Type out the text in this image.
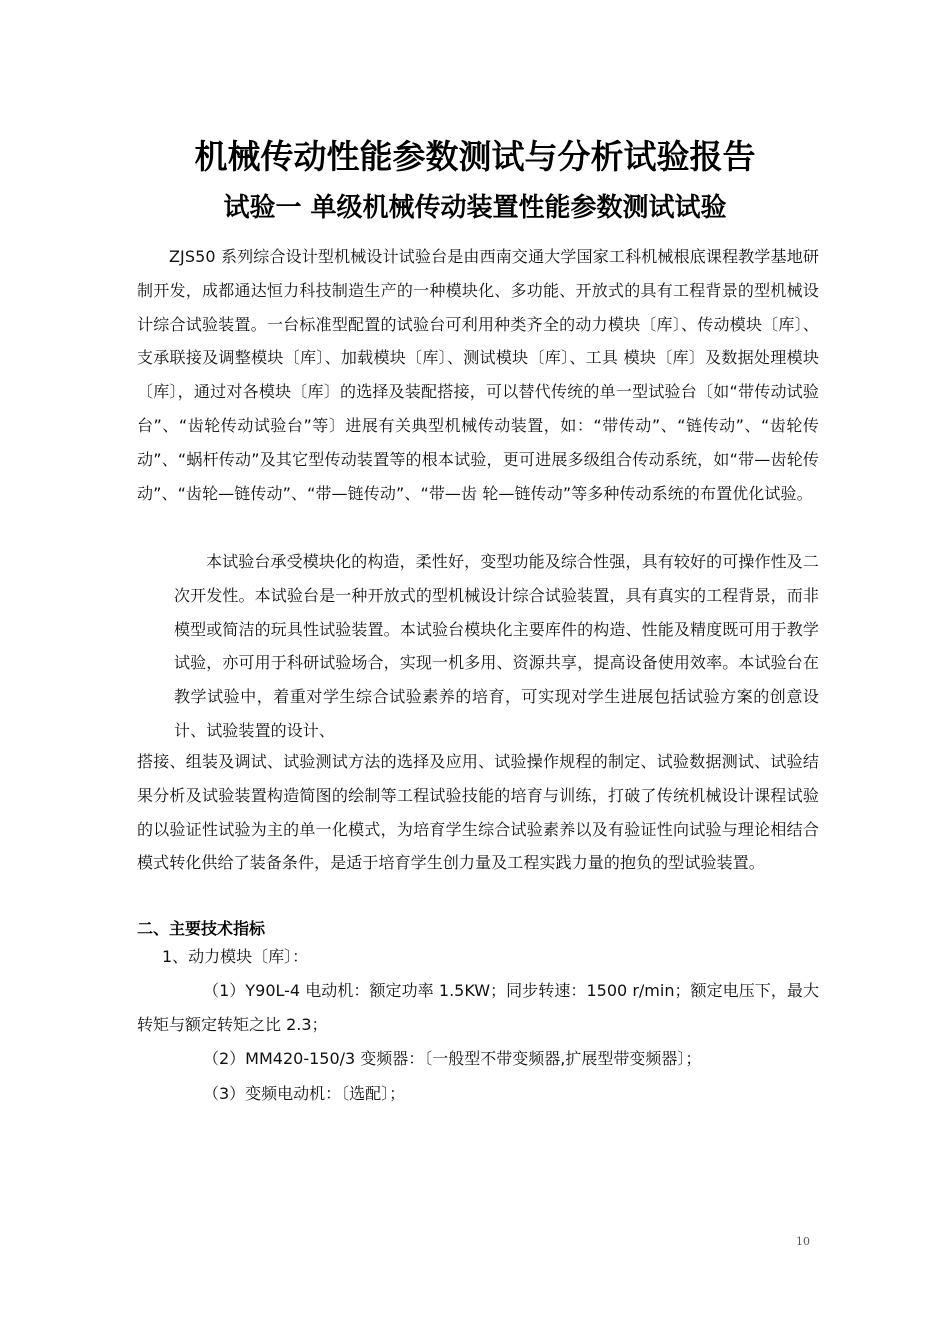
机械传动性能参数测试与分析试验报告
试验一 单级机械传动装置性能参数测试试验
ZJS50 系列综合设计型机械设计试验台是由西南交通大学国家工科机械根底课程教学基地研制开发，成都通达恒力科技制造生产的一种模块化、多功能、开放式的具有工程背景的型机械设计综合试验装置。一台标准型配置的试验台可利用种类齐全的动力模块〔库〕、传动模块〔库〕、支承联接及调整模块〔库〕、加载模块〔库〕、测试模块〔库〕、工具 模块〔库〕及数据处理模块〔库〕，通过对各模块〔库〕的选择及装配搭接，可以替代传统的单一型试验台〔如“带传动试验台”、“齿轮传动试验台”等〕进展有关典型机械传动装置，如：“带传动”、“链传动”、“齿轮传动”、“蜗杆传动”及其它型传动装置等的根本试验，更可进展多级组合传动系统，如“带—齿轮传动”、“齿轮—链传动”、“带—链传动”、“带—齿 轮—链传动”等多种传动系统的布置优化试验。
本试验台承受模块化的构造，柔性好，变型功能及综合性强，具有较好的可操作性及二次开发性。本试验台是一种开放式的型机械设计综合试验装置，具有真实的工程背景，而非模型或简洁的玩具性试验装置。本试验台模块化主要库件的构造、性能及精度既可用于教学试验，亦可用于科研试验场合，实现一机多用、资源共享，提高设备使用效率。本试验台在教学试验中，着重对学生综合试验素养的培育，可实现对学生进展包括试验方案的创意设计、试验装置的设计、
搭接、组装及调试、试验测试方法的选择及应用、试验操作规程的制定、试验数据测试、试验结果分析及试验装置构造简图的绘制等工程试验技能的培育与训练，打破了传统机械设计课程试验的以验证性试验为主的单一化模式，为培育学生综合试验素养以及有验证性向试验与理论相结合模式转化供给了装备条件，是适于培育学生创力量及工程实践力量的抱负的型试验装置。
二、主要技术指标
1、动力模块〔库〕：
（1）Y90L-4 电动机：额定功率 1.5KW；同步转速：1500 r/min；额定电压下，最大转矩与额定转矩之比 2.3；
（2）MM420-150/3 变频器：〔一般型不带变频器,扩展型带变频器〕；
（3）变频电动机：〔选配〕；
10
